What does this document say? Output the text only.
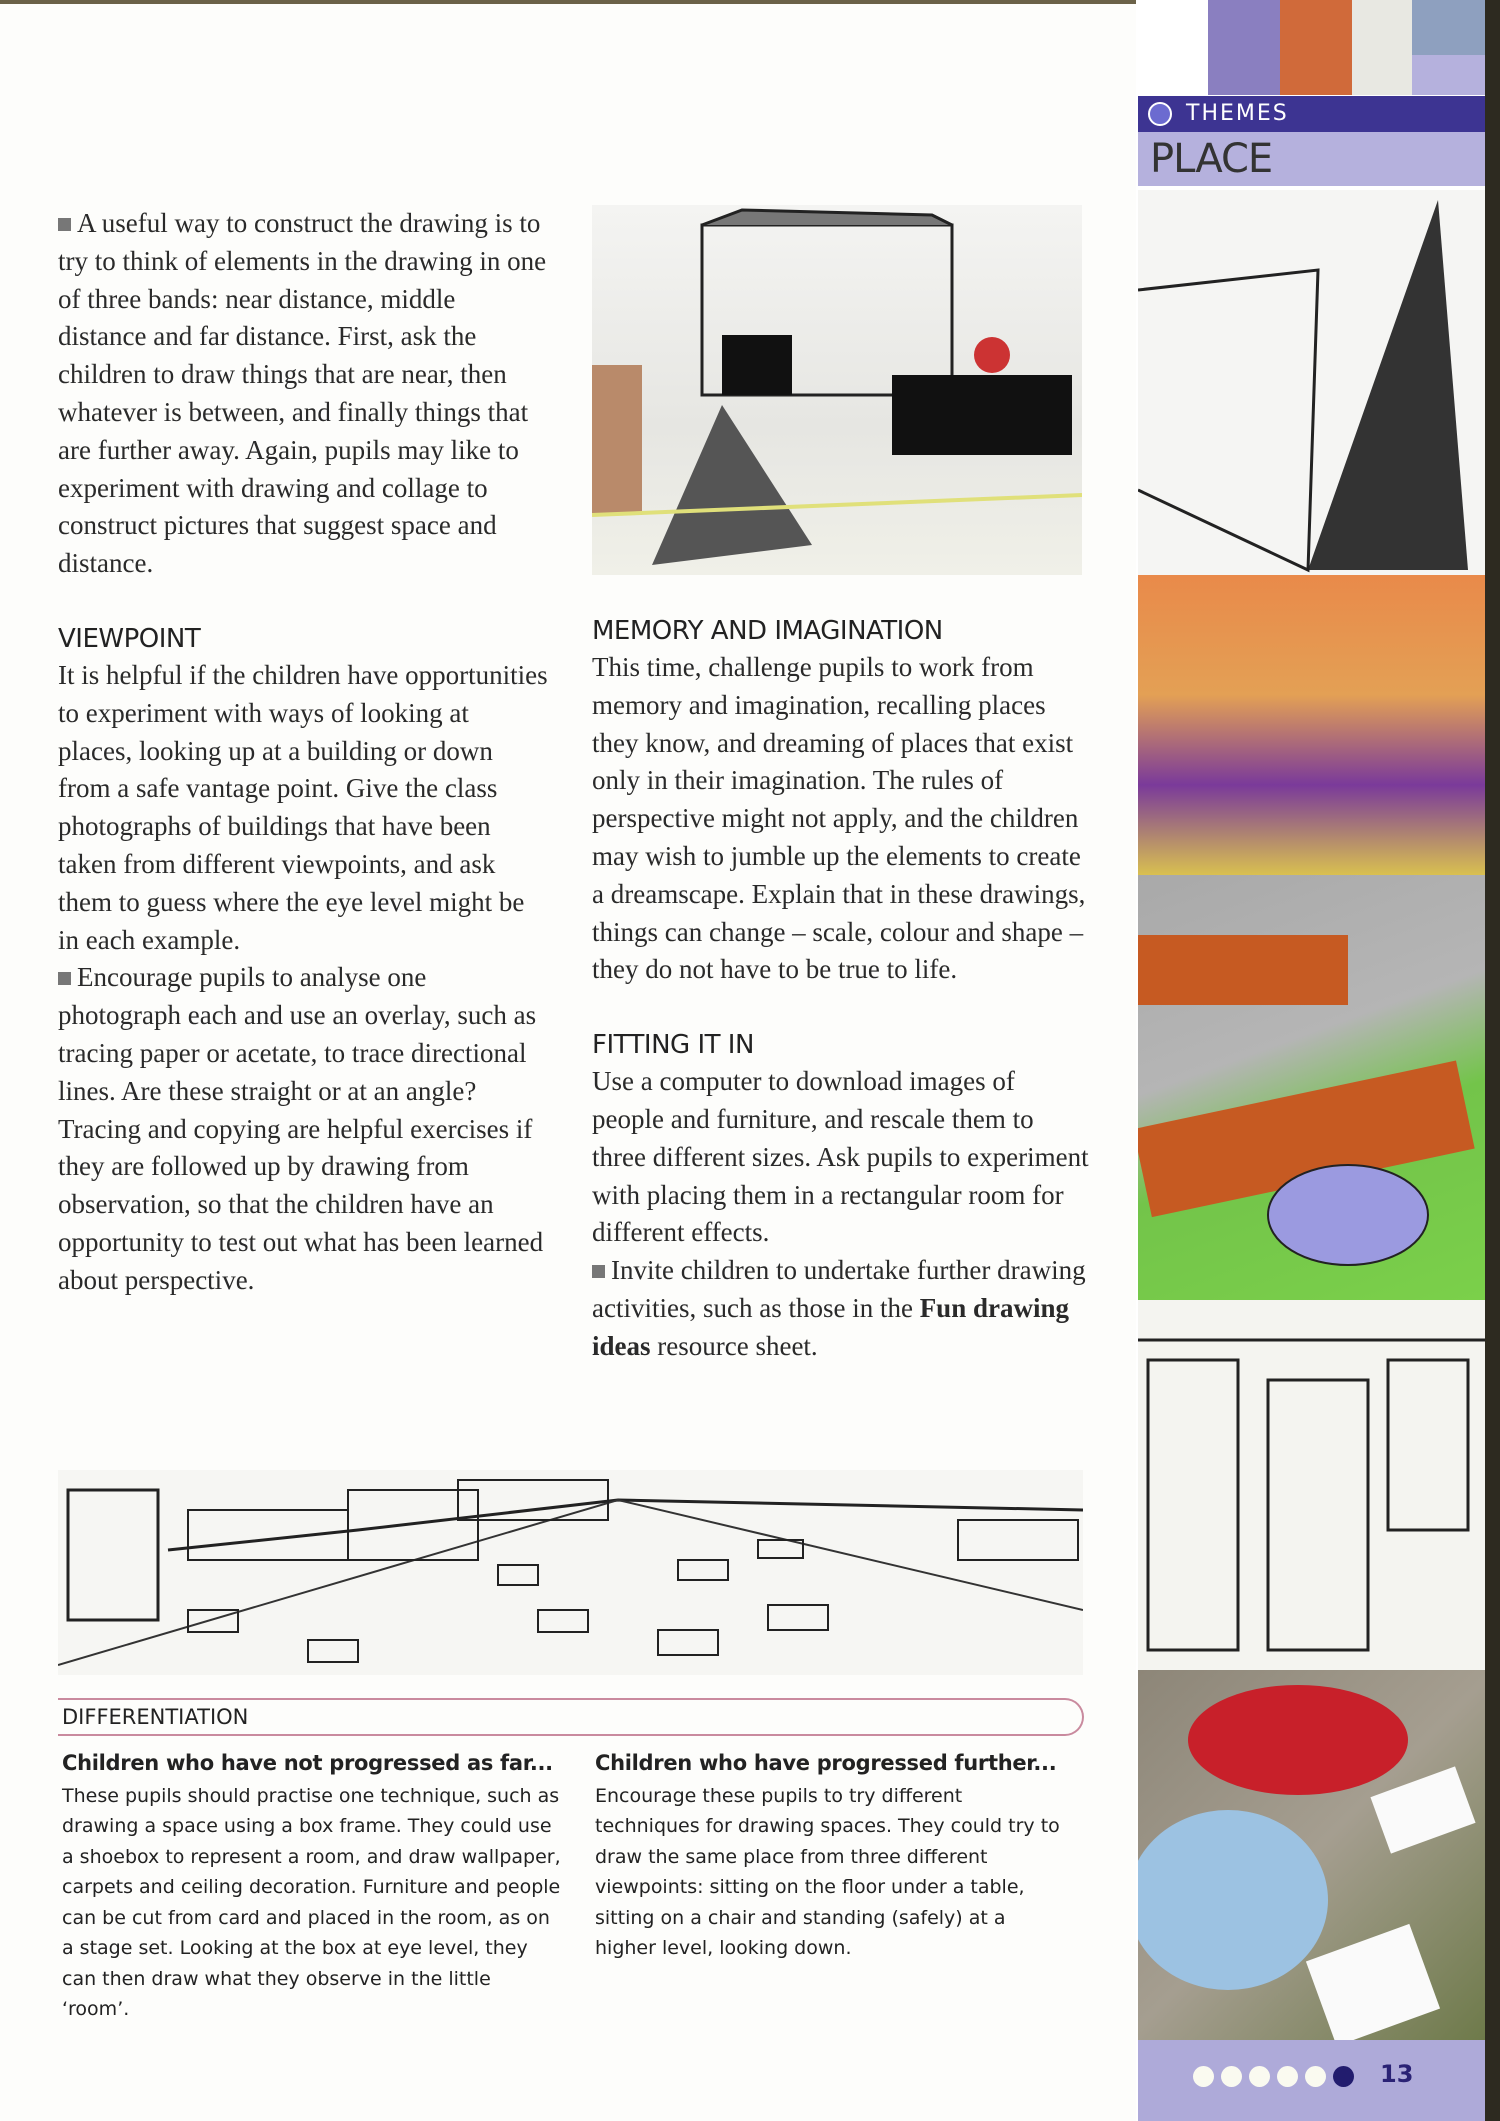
A useful way to construct the drawing is to try to think of elements in the drawing in one of three bands: near distance, middle distance and far distance. First, ask the children to draw things that are near, then whatever is between, and finally things that are further away. Again, pupils may like to experiment with drawing and collage to construct pictures that suggest space and distance.

VIEWPOINT

It is helpful if the children have opportunities to experiment with ways of looking at places, looking up at a building or down from a safe vantage point. Give the class photographs of buildings that have been taken from different viewpoints, and ask them to guess where the eye level might be in each example.

Encourage pupils to analyse one photograph each and use an overlay, such as tracing paper or acetate, to trace directional lines. Are these straight or at an angle? Tracing and copying are helpful exercises if they are followed up by drawing from observation, so that the children have an opportunity to test out what has been learned about perspective.

MEMORY AND IMAGINATION

This time, challenge pupils to work from memory and imagination, recalling places they know, and dreaming of places that exist only in their imagination. The rules of perspective might not apply, and the children may wish to jumble up the elements to create a dreamscape. Explain that in these drawings, things can change – scale, colour and shape – they do not have to be true to life.

FITTING IT IN

Use a computer to download images of people and furniture, and rescale them to three different sizes. Ask pupils to experiment with placing them in a rectangular room for different effects.

Invite children to undertake further drawing activities, such as those in the Fun drawing ideas resource sheet.

DIFFERENTIATION
Children who have not progressed as far...

These pupils should practise one technique, such as drawing a space using a box frame. They could use a shoebox to represent a room, and draw wallpaper, carpets and ceiling decoration. Furniture and people can be cut from card and placed in the room, as on a stage set. Looking at the box at eye level, they can then draw what they observe in the little ‘room’.

Children who have progressed further...

Encourage these pupils to try different techniques for drawing spaces. They could try to draw the same place from three different viewpoints: sitting on the floor under a table, sitting on a chair and standing (safely) at a higher level, looking down.

THEMES
PLACE
13
